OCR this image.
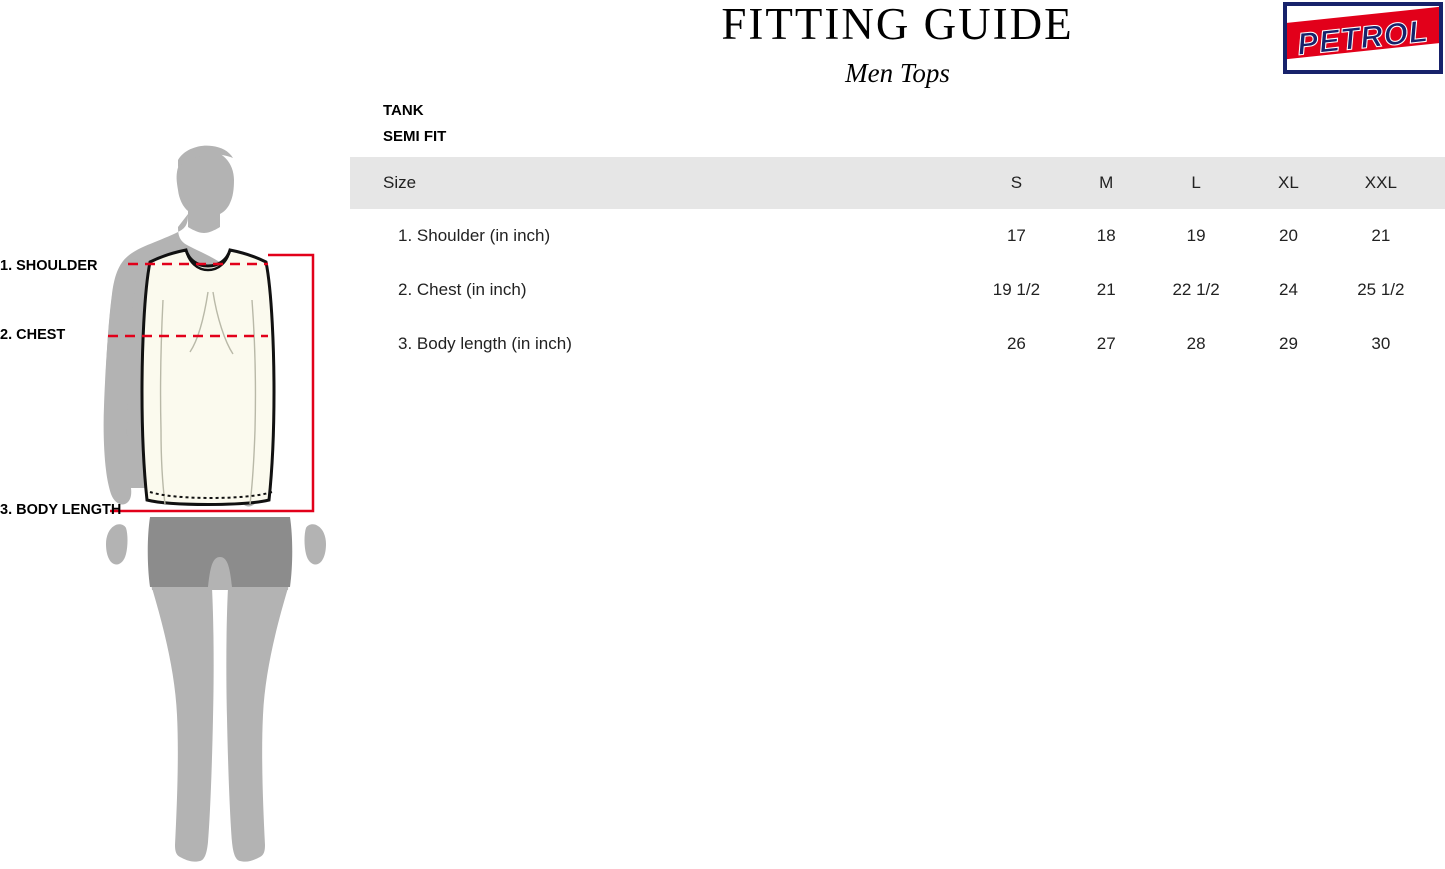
FITTING GUIDE
Men Tops
PETROL
1. SHOULDER
2. CHEST
3. BODY LENGTH
TANK
SEMI FIT
Size	S	M	L	XL	XXL
1. Shoulder (in inch)	17	18	19	20	21
2. Chest (in inch)	19 1/2	21	22 1/2	24	25 1/2
3. Body length (in inch)	26	27	28	29	30
